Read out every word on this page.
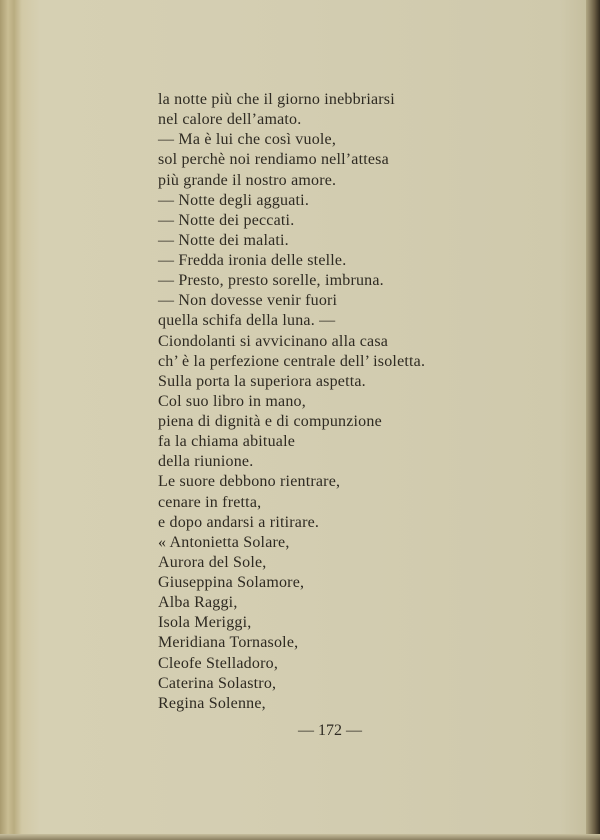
la notte più che il giorno inebbriarsi
nel calore dell’amato.
— Ma è lui che così vuole,
sol perchè noi rendiamo nell’attesa
più grande il nostro amore.
— Notte degli agguati.
— Notte dei peccati.
— Notte dei malati.
— Fredda ironia delle stelle.
— Presto, presto sorelle, imbruna.
— Non dovesse venir fuori
quella schifa della luna. —
Ciondolanti si avvicinano alla casa
ch’ è la perfezione centrale dell’ isoletta.
Sulla porta la superiora aspetta.
Col suo libro in mano,
piena di dignità e di compunzione
fa la chiama abituale
della riunione.
Le suore debbono rientrare,
cenare in fretta,
e dopo andarsi a ritirare.
« Antonietta Solare,
Aurora del Sole,
Giuseppina Solamore,
Alba Raggi,
Isola Meriggi,
Meridiana Tornasole,
Cleofe Stelladoro,
Caterina Solastro,
Regina Solenne,
— 172 —
